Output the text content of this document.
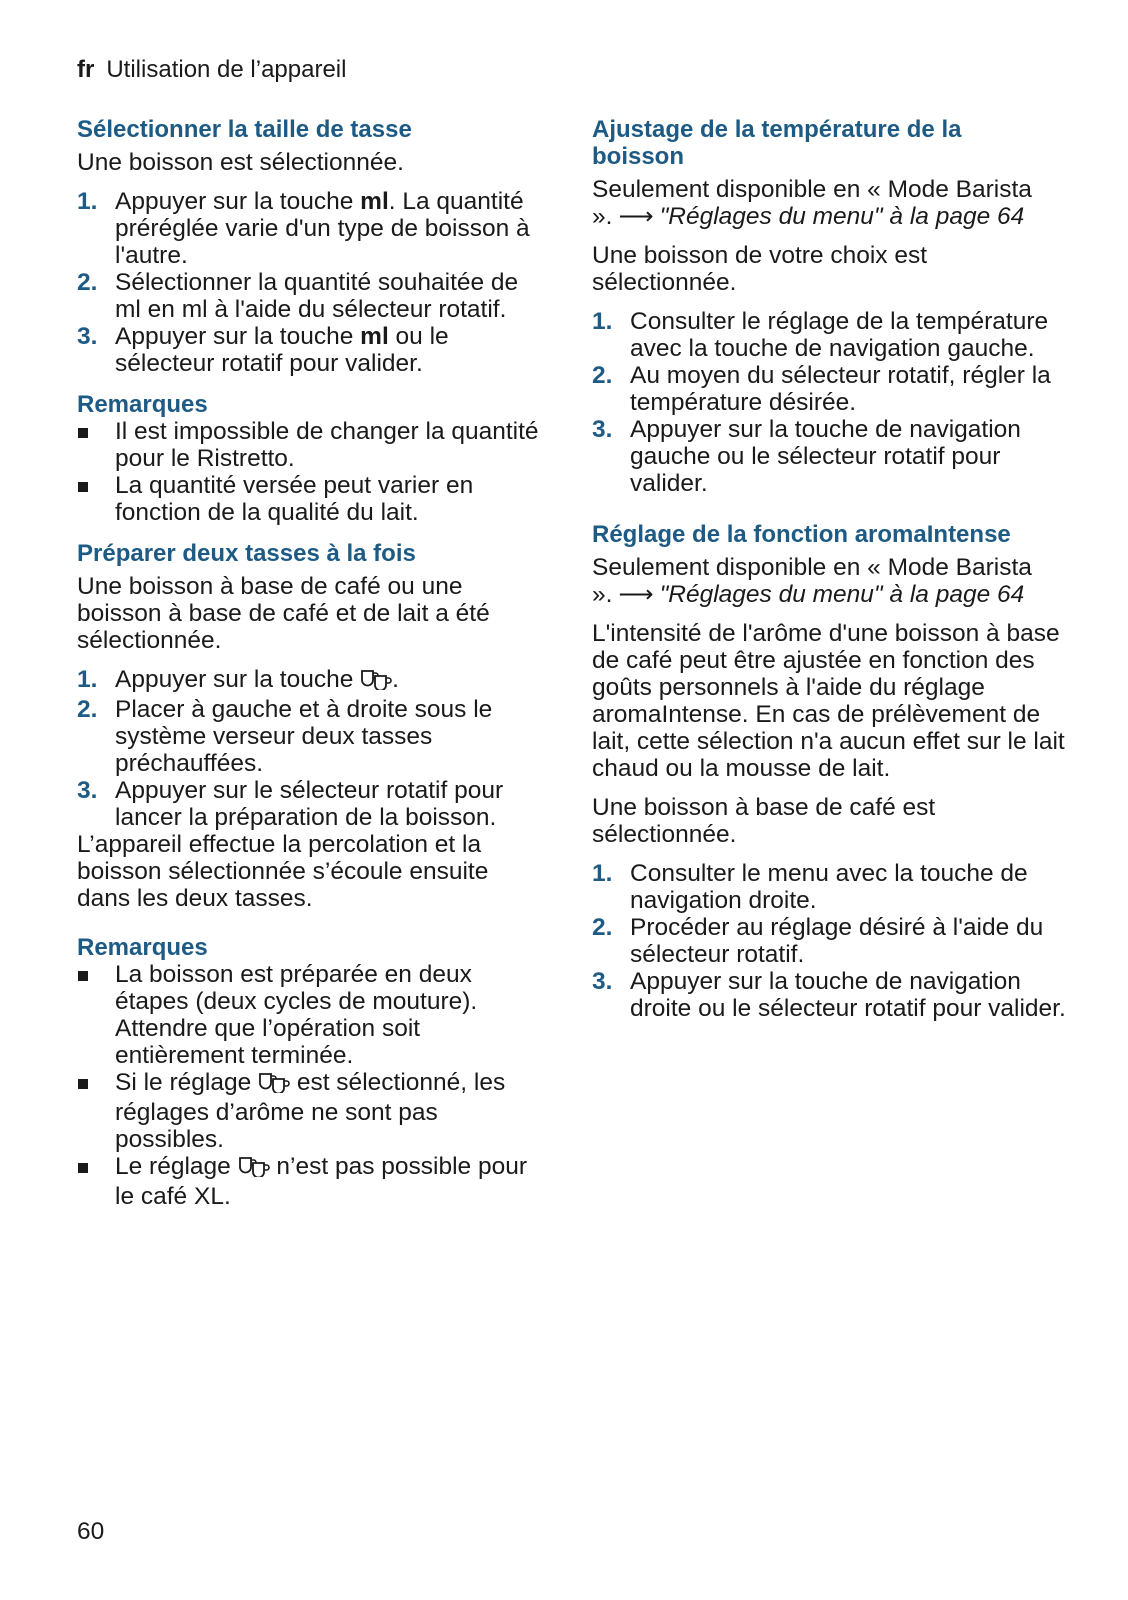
fr Utilisation de l’appareil
Sélectionner la taille de tasse

Une boisson est sélectionnée.

1. Appuyer sur la touche ml. La quantité préréglée varie d'un type de boisson à l'autre.
2. Sélectionner la quantité souhaitée de ml en ml à l'aide du sélecteur rotatif.
3. Appuyer sur la touche ml ou le sélecteur rotatif pour valider.
Remarques
Il est impossible de changer la quantité pour le Ristretto.
La quantité versée peut varier en fonction de la qualité du lait.
Préparer deux tasses à la fois

Une boisson à base de café ou une boisson à base de café et de lait a été sélectionnée.

1. Appuyer sur la touche .
2. Placer à gauche et à droite sous le système verseur deux tasses préchauffées.
3. Appuyer sur le sélecteur rotatif pour lancer la préparation de la boisson.

L’appareil effectue la percolation et la boisson sélectionnée s’écoule ensuite dans les deux tasses.

Remarques
La boisson est préparée en deux étapes (deux cycles de mouture). Attendre que l’opération soit entièrement terminée.
Si le réglage  est sélectionné, les réglages d’arôme ne sont pas possibles.
Le réglage  n’est pas possible pour le café XL.
Ajustage de la température de la
boisson

Seulement disponible en « Mode Barista ». ⟶ "Réglages du menu" à la page 64

Une boisson de votre choix est sélectionnée.

1. Consulter le réglage de la température avec la touche de navigation gauche.
2. Au moyen du sélecteur rotatif, régler la température désirée.
3. Appuyer sur la touche de navigation gauche ou le sélecteur rotatif pour valider.
Réglage de la fonction aromaIntense

Seulement disponible en « Mode Barista ». ⟶ "Réglages du menu" à la page 64

L'intensité de l'arôme d'une boisson à base de café peut être ajustée en fonction des goûts personnels à l'aide du réglage aromaIntense. En cas de prélèvement de lait, cette sélection n'a aucun effet sur le lait chaud ou la mousse de lait.

Une boisson à base de café est sélectionnée.

1. Consulter le menu avec la touche de navigation droite.
2. Procéder au réglage désiré à l'aide du sélecteur rotatif.
3. Appuyer sur la touche de navigation droite ou le sélecteur rotatif pour valider.
60
